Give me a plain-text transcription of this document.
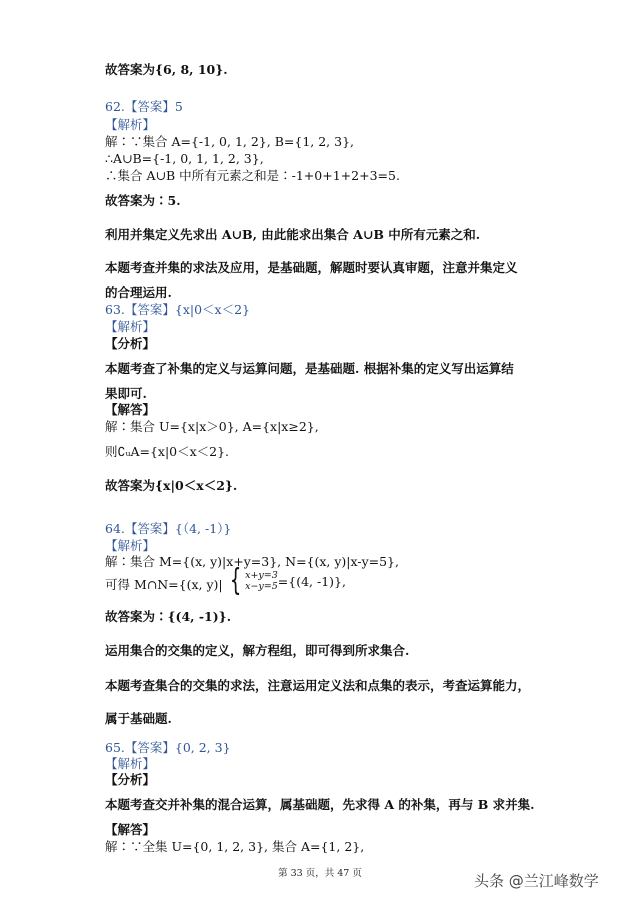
故答案为{6, 8, 10}.
62.【答案】5
【解析】
解∶∵集合 A={-1, 0, 1, 2}, B={1, 2, 3},
∴A∪B={-1, 0, 1, 1, 2, 3},
∴集合 A∪B 中所有元素之和是∶-1+0+1+2+3=5.
故答案为∶5.
利用并集定义先求出 A∪B, 由此能求出集合 A∪B 中所有元素之和.
本题考查并集的求法及应用，是基础题，解题时要认真审题，注意并集定义
的合理运用.
63.【答案】{x|0＜x＜2}
【解析】
【分析】
本题考查了补集的定义与运算问题，是基础题. 根据补集的定义写出运算结
果即可.
【解答】
解∶集合 U={x|x＞0}, A={x|x≥2},
则∁ᵤA={x|0＜x＜2}.
故答案为{x|0＜x＜2}.
64.【答案】{（4, -1）}
【解析】
解∶集合 M={(x, y)|x+y=3}, N={(x, y)|x-y=5},
可得 M∩N={(x, y)|
故答案为∶{(4, -1)}.
运用集合的交集的定义，解方程组，即可得到所求集合.
本题考查集合的交集的求法，注意运用定义法和点集的表示，考查运算能力，
属于基础题.
65.【答案】{0, 2, 3}
【解析】
【分析】
本题考查交并补集的混合运算，属基础题，先求得 A 的补集，再与 B 求并集.
【解答】
解∶∵全集 U={0, 1, 2, 3}, 集合 A={1, 2},
{ x+y=3
x−y=5 ={(4, -1)},
第 33 页，共 47 页	头条 @兰江峰数学
